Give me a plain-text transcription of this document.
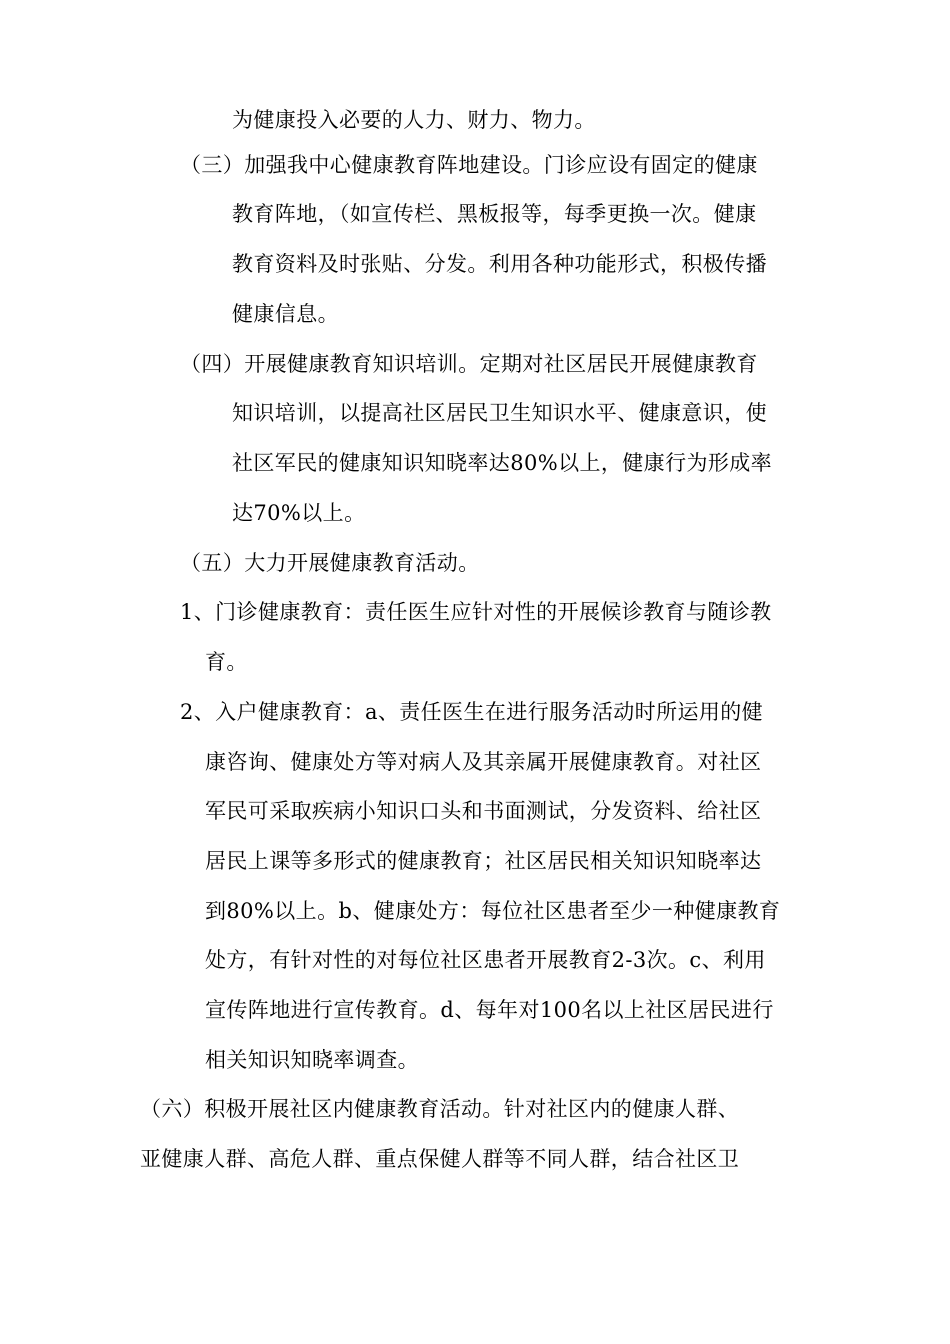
为健康投入必要的人力、财力、物力。
（三）加强我中心健康教育阵地建设。门诊应设有固定的健康
教育阵地，（如宣传栏、黑板报等，每季更换一次。健康
教育资料及时张贴、分发。利用各种功能形式，积极传播
健康信息。
（四）开展健康教育知识培训。定期对社区居民开展健康教育
知识培训，以提高社区居民卫生知识水平、健康意识，使
社区军民的健康知识知晓率达80%以上，健康行为形成率
达70%以上。
（五）大力开展健康教育活动。
1、门诊健康教育：责任医生应针对性的开展候诊教育与随诊教
育。
2、入户健康教育：a、责任医生在进行服务活动时所运用的健
康咨询、健康处方等对病人及其亲属开展健康教育。对社区
军民可采取疾病小知识口头和书面测试，分发资料、给社区
居民上课等多形式的健康教育；社区居民相关知识知晓率达
到80%以上。b、健康处方：每位社区患者至少一种健康教育
处方，有针对性的对每位社区患者开展教育2-3次。c、利用
宣传阵地进行宣传教育。d、每年对100名以上社区居民进行
相关知识知晓率调查。
（六）积极开展社区内健康教育活动。针对社区内的健康人群、
亚健康人群、高危人群、重点保健人群等不同人群，结合社区卫
